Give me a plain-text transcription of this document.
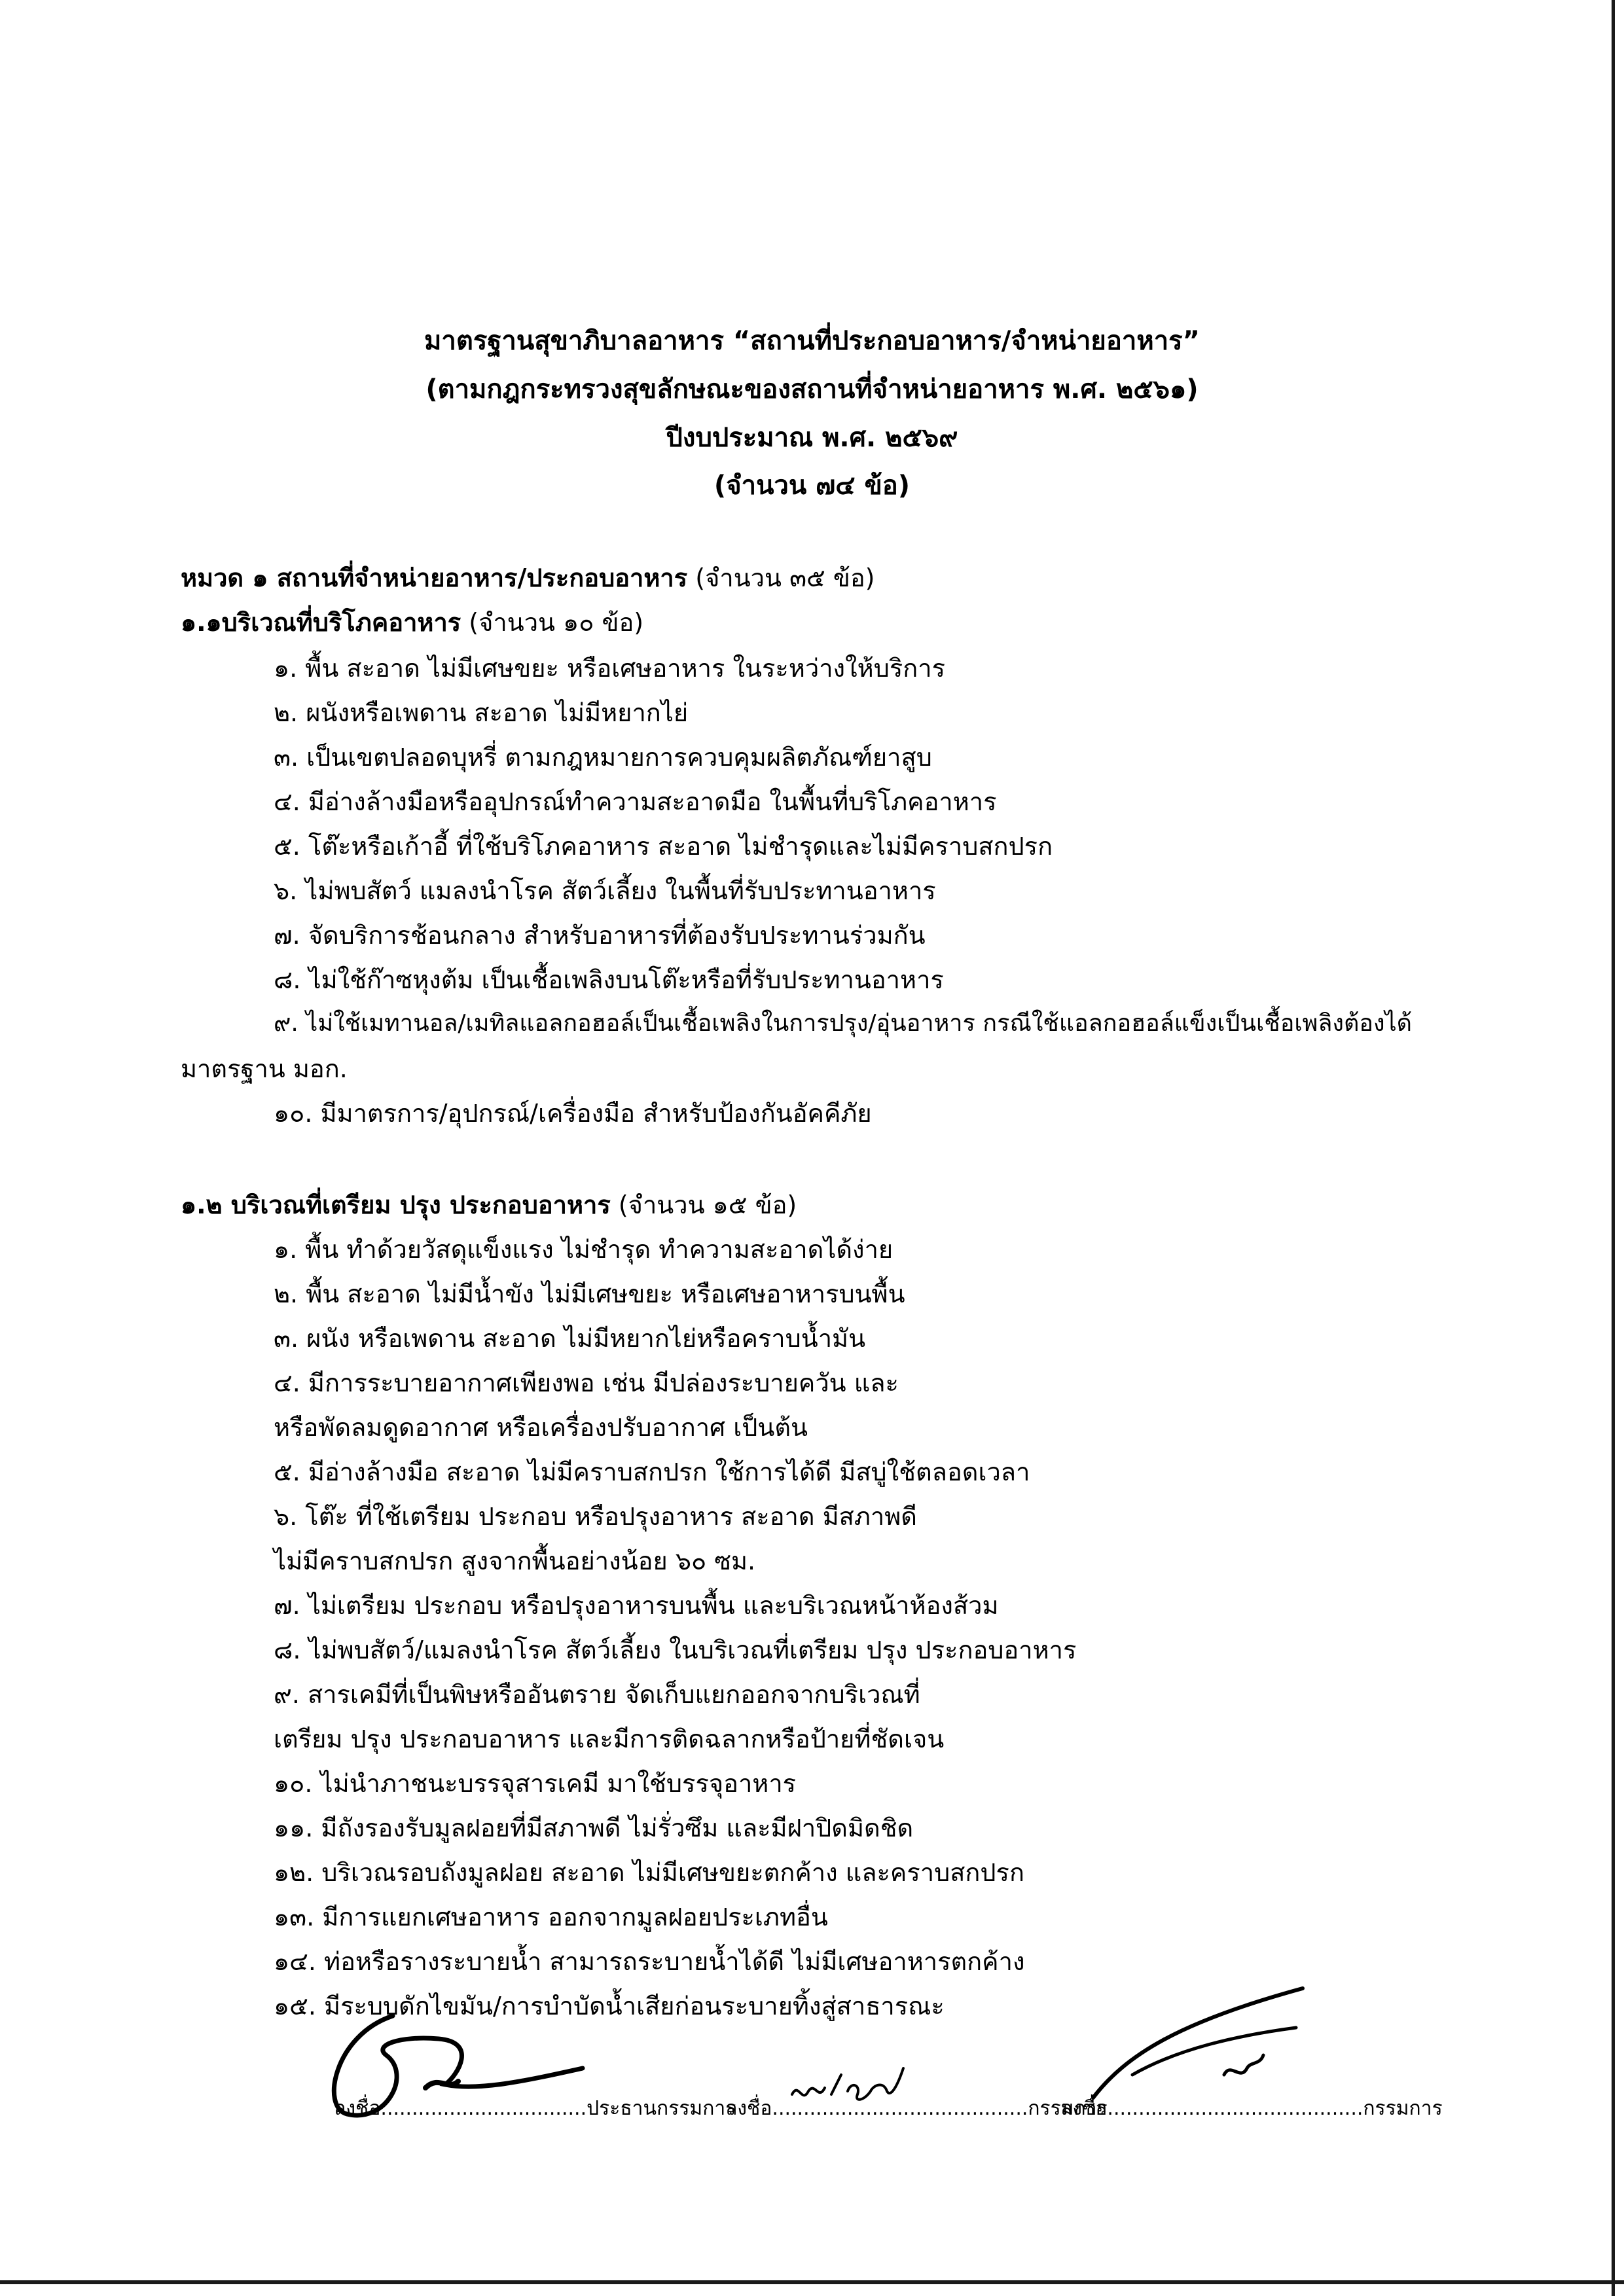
มาตรฐานสุขาภิบาลอาหาร “สถานที่ประกอบอาหาร/จำหน่ายอาหาร”
(ตามกฎกระทรวงสุขลักษณะของสถานที่จำหน่ายอาหาร พ.ศ. ๒๕๖๑)
ปีงบประมาณ พ.ศ. ๒๕๖๙
(จำนวน ๗๔ ข้อ)
หมวด ๑ สถานที่จำหน่ายอาหาร/ประกอบอาหาร (จำนวน ๓๕ ข้อ)
๑.๑บริเวณที่บริโภคอาหาร (จำนวน ๑๐ ข้อ)
๑. พื้น สะอาด ไม่มีเศษขยะ หรือเศษอาหาร ในระหว่างให้บริการ
๒. ผนังหรือเพดาน สะอาด ไม่มีหยากไย่
๓. เป็นเขตปลอดบุหรี่ ตามกฎหมายการควบคุมผลิตภัณฑ์ยาสูบ
๔. มีอ่างล้างมือหรืออุปกรณ์ทำความสะอาดมือ ในพื้นที่บริโภคอาหาร
๕. โต๊ะหรือเก้าอี้ ที่ใช้บริโภคอาหาร สะอาด ไม่ชำรุดและไม่มีคราบสกปรก
๖. ไม่พบสัตว์ แมลงนำโรค สัตว์เลี้ยง ในพื้นที่รับประทานอาหาร
๗. จัดบริการช้อนกลาง สำหรับอาหารที่ต้องรับประทานร่วมกัน
๘. ไม่ใช้ก๊าซหุงต้ม เป็นเชื้อเพลิงบนโต๊ะหรือที่รับประทานอาหาร
๙. ไม่ใช้เมทานอล/เมทิลแอลกอฮอล์เป็นเชื้อเพลิงในการปรุง/อุ่นอาหาร กรณีใช้แอลกอฮอล์แข็งเป็นเชื้อเพลิงต้องได้
มาตรฐาน มอก.
๑๐. มีมาตรการ/อุปกรณ์/เครื่องมือ สำหรับป้องกันอัคคีภัย
๑.๒ บริเวณที่เตรียม ปรุง ประกอบอาหาร (จำนวน ๑๕ ข้อ)
๑. พื้น ทำด้วยวัสดุแข็งแรง ไม่ชำรุด ทำความสะอาดได้ง่าย
๒. พื้น สะอาด ไม่มีน้ำขัง ไม่มีเศษขยะ หรือเศษอาหารบนพื้น
๓. ผนัง หรือเพดาน สะอาด ไม่มีหยากไย่หรือคราบน้ำมัน
๔. มีการระบายอากาศเพียงพอ เช่น มีปล่องระบายควัน และ
หรือพัดลมดูดอากาศ หรือเครื่องปรับอากาศ เป็นต้น
๕. มีอ่างล้างมือ สะอาด ไม่มีคราบสกปรก ใช้การได้ดี มีสบู่ใช้ตลอดเวลา
๖. โต๊ะ ที่ใช้เตรียม ประกอบ หรือปรุงอาหาร สะอาด มีสภาพดี
ไม่มีคราบสกปรก สูงจากพื้นอย่างน้อย ๖๐ ซม.
๗. ไม่เตรียม ประกอบ หรือปรุงอาหารบนพื้น และบริเวณหน้าห้องส้วม
๘. ไม่พบสัตว์/แมลงนำโรค สัตว์เลี้ยง ในบริเวณที่เตรียม ปรุง ประกอบอาหาร
๙. สารเคมีที่เป็นพิษหรืออันตราย จัดเก็บแยกออกจากบริเวณที่
เตรียม ปรุง ประกอบอาหาร และมีการติดฉลากหรือป้ายที่ชัดเจน
๑๐. ไม่นำภาชนะบรรจุสารเคมี มาใช้บรรจุอาหาร
๑๑. มีถังรองรับมูลฝอยที่มีสภาพดี ไม่รั่วซึม และมีฝาปิดมิดชิด
๑๒. บริเวณรอบถังมูลฝอย สะอาด ไม่มีเศษขยะตกค้าง และคราบสกปรก
๑๓. มีการแยกเศษอาหาร ออกจากมูลฝอยประเภทอื่น
๑๔. ท่อหรือรางระบายน้ำ สามารถระบายน้ำได้ดี ไม่มีเศษอาหารตกค้าง
๑๕. มีระบบดักไขมัน/การบำบัดน้ำเสียก่อนระบายทิ้งสู่สาธารณะ
ลงชื่อ.................................ประธานกรรมการ
ลงชื่อ.........................................กรรมการ
ลงชื่อ.........................................กรรมการ
